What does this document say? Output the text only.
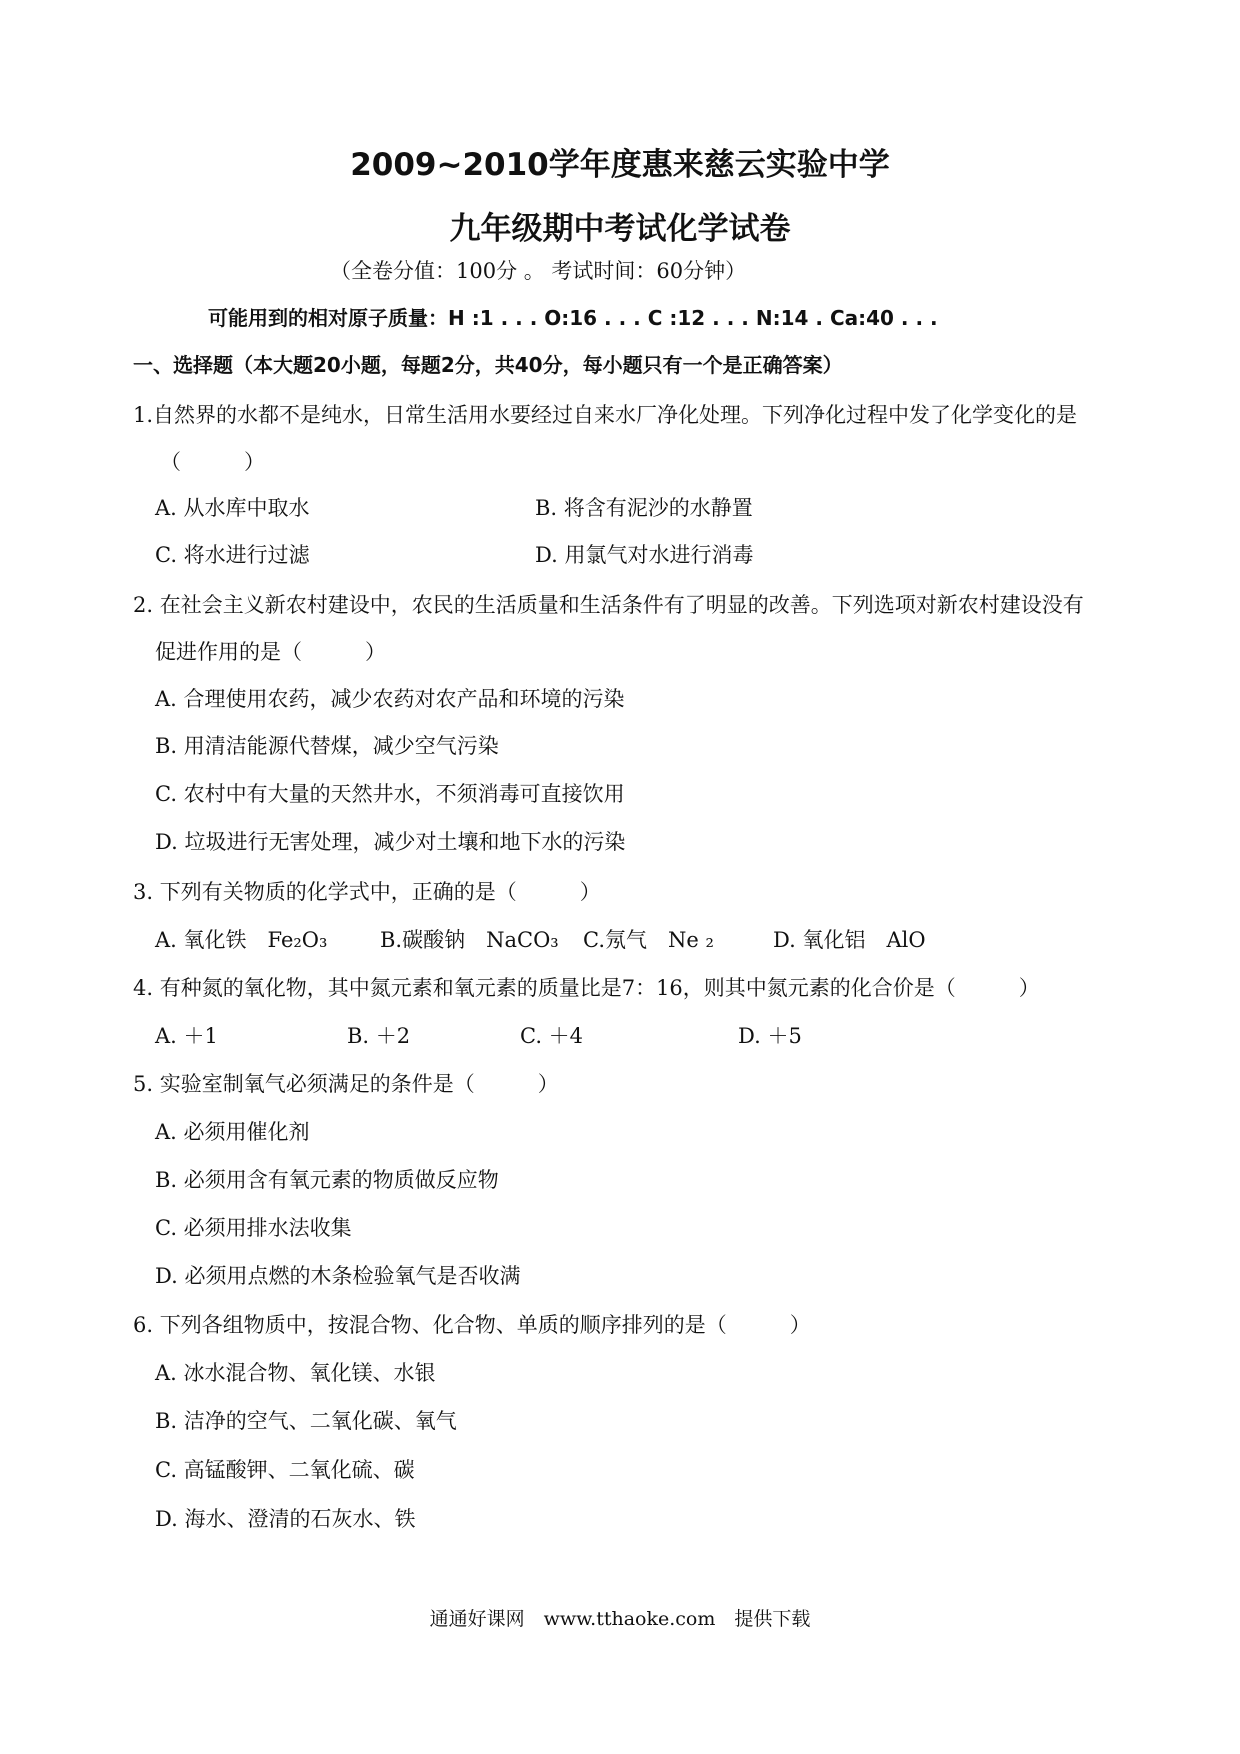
2009~2010学年度惠来慈云实验中学
九年级期中考试化学试卷
（全卷分值：100分 。 考试时间：60分钟）
可能用到的相对原子质量：H :1 . . . O:16 . . . C :12 . . . N:14 . Ca:40 . . .
一、选择题（本大题20小题，每题2分，共40分，每小题只有一个是正确答案）
1.自然界的水都不是纯水，日常生活用水要经过自来水厂净化处理。下列净化过程中发了化学变化的是
（　　　）
A. 从水库中取水	B. 将含有泥沙的水静置
C. 将水进行过滤	D. 用氯气对水进行消毒
2. 在社会主义新农村建设中，农民的生活质量和生活条件有了明显的改善。下列选项对新农村建设没有
促进作用的是（　　　）
A. 合理使用农药，减少农药对农产品和环境的污染
B. 用清洁能源代替煤，减少空气污染
C. 农村中有大量的天然井水，不须消毒可直接饮用
D. 垃圾进行无害处理，减少对土壤和地下水的污染
3. 下列有关物质的化学式中，正确的是（　　　）
A. 氧化铁　Fe₂O₃	B.碳酸钠　NaCO₃ C.氖气　Ne ₂	D. 氧化铝　AlO
4. 有种氮的氧化物，其中氮元素和氧元素的质量比是7：16，则其中氮元素的化合价是（　　　）
A. ＋1	B. ＋2	C. ＋4	D. ＋5
5. 实验室制氧气必须满足的条件是（　　　）
A. 必须用催化剂
B. 必须用含有氧元素的物质做反应物
C. 必须用排水法收集
D. 必须用点燃的木条检验氧气是否收满
6. 下列各组物质中，按混合物、化合物、单质的顺序排列的是（　　　）
A. 冰水混合物、氧化镁、水银
B. 洁净的空气、二氧化碳、氧气
C. 高锰酸钾、二氧化硫、碳
D. 海水、澄清的石灰水、铁
通通好课网　www.tthaoke.com　提供下载
